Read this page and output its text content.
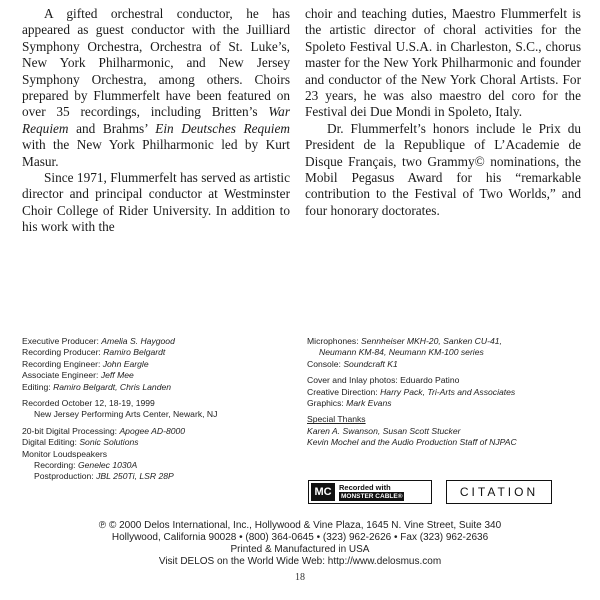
A gifted orchestral conductor, he has appeared as guest conductor with the Juilliard Symphony Orchestra, Orchestra of St. Luke’s, New York Philharmonic, and New Jersey Symphony Orchestra, among others. Choirs prepared by Flummerfelt have been featured on over 35 recordings, including Britten’s War Requiem and Brahms’ Ein Deutsches Requiem with the New York Philharmonic led by Kurt Masur.

Since 1971, Flummerfelt has served as artistic director and principal conductor at Westminster Choir College of Rider University. In addition to his work with the

choir and teaching duties, Maestro Flummerfelt is the artistic director of choral activities for the Spoleto Festival U.S.A. in Charleston, S.C., chorus master for the New York Philharmonic and founder and conductor of the New York Choral Artists. For 23 years, he was also maestro del coro for the Festival dei Due Mondi in Spoleto, Italy.

Dr. Flummerfelt’s honors include le Prix du President de la Republique of L’Academie de Disque Français, two Grammy© nominations, the Mobil Pegasus Award for his “remarkable contribution to the Festival of Two Worlds,” and four honorary doctorates.

Executive Producer: Amelia S. Haygood
Recording Producer: Ramiro Belgardt
Recording Engineer: John Eargle
Associate Engineer: Jeff Mee
Editing: Ramiro Belgardt, Chris Landen
Recorded October 12, 18-19, 1999
New Jersey Performing Arts Center, Newark, NJ
20-bit Digital Processing: Apogee AD-8000
Digital Editing: Sonic Solutions
Monitor Loudspeakers
Recording: Genelec 1030A
Postproduction: JBL 250Ti, LSR 28P
Microphones: Sennheiser MKH-20, Sanken CU-41,
Neumann KM-84, Neumann KM-100 series
Console: Soundcraft K1
Cover and Inlay photos: Eduardo Patino
Creative Direction: Harry Pack, Tri-Arts and Associates
Graphics: Mark Evans
Special Thanks
Karen A. Swanson, Susan Scott Stucker
Kevin Mochel and the Audio Production Staff of NJPAC
MC Recorded with
MONSTER CABLE®	CITATION
℗ © 2000 Delos International, Inc., Hollywood & Vine Plaza, 1645 N. Vine Street, Suite 340
Hollywood, California 90028 • (800) 364-0645 • (323) 962-2626 • Fax (323) 962-2636
Printed & Manufactured in USA
Visit DELOS on the World Wide Web: http://www.delosmus.com
18
